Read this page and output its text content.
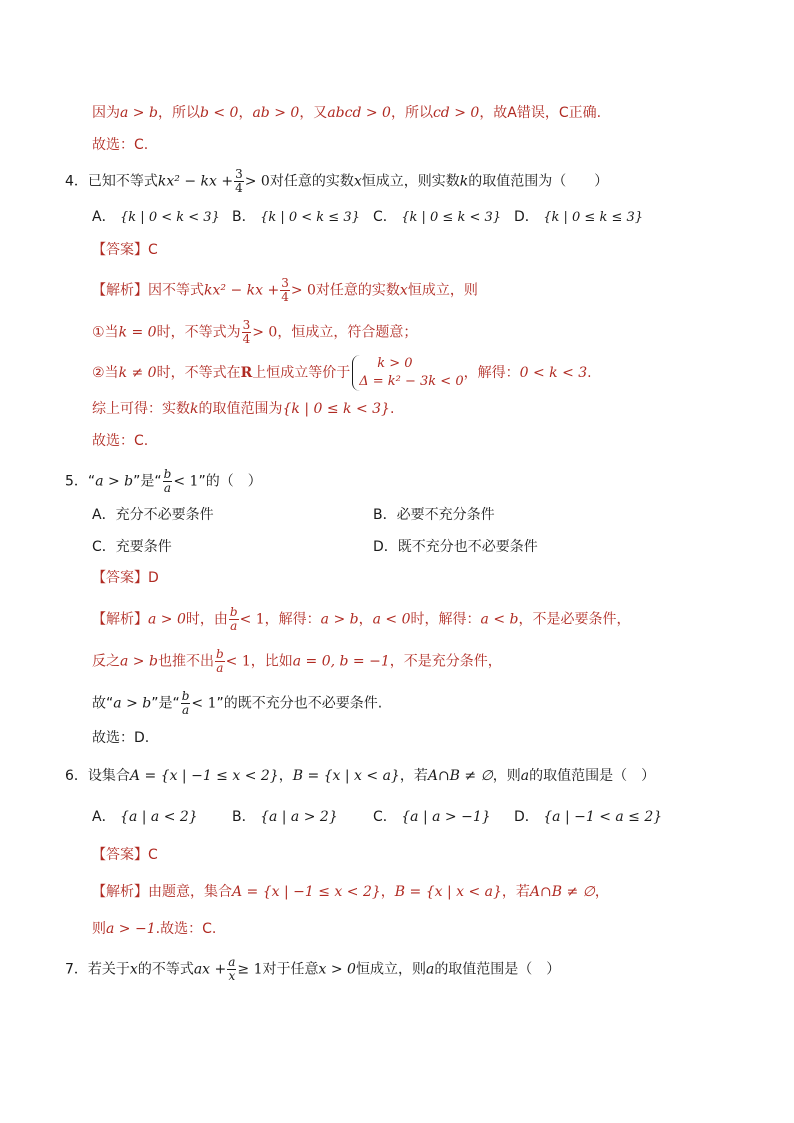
因为a > b，所以b < 0，ab > 0，又abcd > 0，所以cd > 0，故A错误，C正确.
故选：C.
4．已知不等式kx² − kx + $\frac{3}{4} > 0$对任意的实数x恒成立，则实数k的取值范围为（　　）
A． {k | 0 < k < 3} B． {k | 0 < k ≤ 3} C． {k | 0 ≤ k < 3} D． {k | 0 ≤ k ≤ 3}
【答案】C
【解析】因不等式kx² − kx + $\frac{3}{4} > 0$对任意的实数x恒成立，则
①当k = 0时，不等式为 $\frac{3}{4} > 0$，恒成立，符合题意；
②当k ≠ 0时，不等式在R上恒成立等价于
k > 0
Δ = k² − 3k < 0
，解得：0 < k < 3.
综上可得：实数k的取值范围为{k | 0 ≤ k < 3}.
故选：C.
5．“a > b”是“ $\frac{b}{a} < 1$”的（　）
A．充分不必要条件	B．必要不充分条件
C．充要条件	D．既不充分也不必要条件
【答案】D
【解析】a > 0时，由 $\frac{b}{a} < 1$，解得：a > b，a < 0时，解得：a < b，不是必要条件，
反之a > b也推不出 $\frac{b}{a} < 1$，比如a = 0, b = −1，不是充分条件，
故“a > b”是“ $\frac{b}{a} < 1$”的既不充分也不必要条件.
故选：D.
6．设集合A = {x | −1 ≤ x < 2}，B = {x | x < a}，若A∩B ≠ ∅，则a的取值范围是（　）
A． {a | a < 2} B． {a | a > 2}	C． {a | a > −1} D． {a | −1 < a ≤ 2}
【答案】C
【解析】由题意，集合A = {x | −1 ≤ x < 2}，B = {x | x < a}，若A∩B ≠ ∅，
则a > −1.故选：C.
7．若关于x的不等式ax + $\frac{a}{x} \ge 1$对于任意x > 0恒成立，则a的取值范围是（　）
